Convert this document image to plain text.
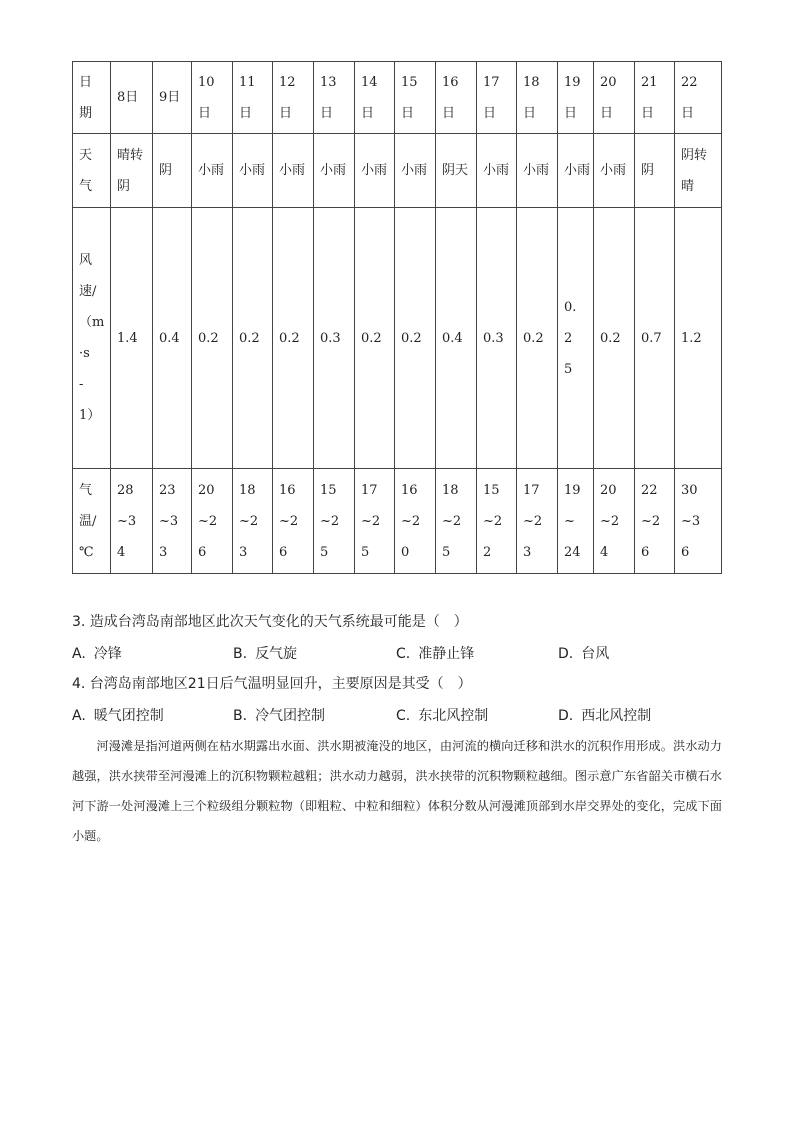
日期	8日	9日	10日	11日	12日	13日	14日	15日	16日	17日	18日	19日	20日	21日	22日
天气	晴转阴	阴	小雨	小雨	小雨	小雨	小雨	小雨	阴天	小雨	小雨	小雨	小雨	阴	阴转晴
风速/（m·s-1）	1.4	0.4	0.2	0.2	0.2	0.3	0.2	0.2	0.4	0.3	0.2	0.25	0.2	0.7	1.2
气温/℃	28~34	23~33	20~26	18~23	16~26	15~25	17~25	16~20	18~25	15~22	17~23	19~24	20~24	22~26	30~36
3. 造成台湾岛南部地区此次天气变化的天气系统最可能是（　）
A. 冷锋	B. 反气旋	C. 准静止锋	D. 台风
4. 台湾岛南部地区21日后气温明显回升，主要原因是其受（　）
A. 暖气团控制	B. 冷气团控制	C. 东北风控制	D. 西北风控制

河漫滩是指河道两侧在枯水期露出水面、洪水期被淹没的地区，由河流的横向迁移和洪水的沉积作用形成。洪水动力越强，洪水挟带至河漫滩上的沉积物颗粒越粗；洪水动力越弱，洪水挟带的沉积物颗粒越细。图示意广东省韶关市横石水河下游一处河漫滩上三个粒级组分颗粒物（即粗粒、中粒和细粒）体积分数从河漫滩顶部到水岸交界处的变化，完成下面小题。
